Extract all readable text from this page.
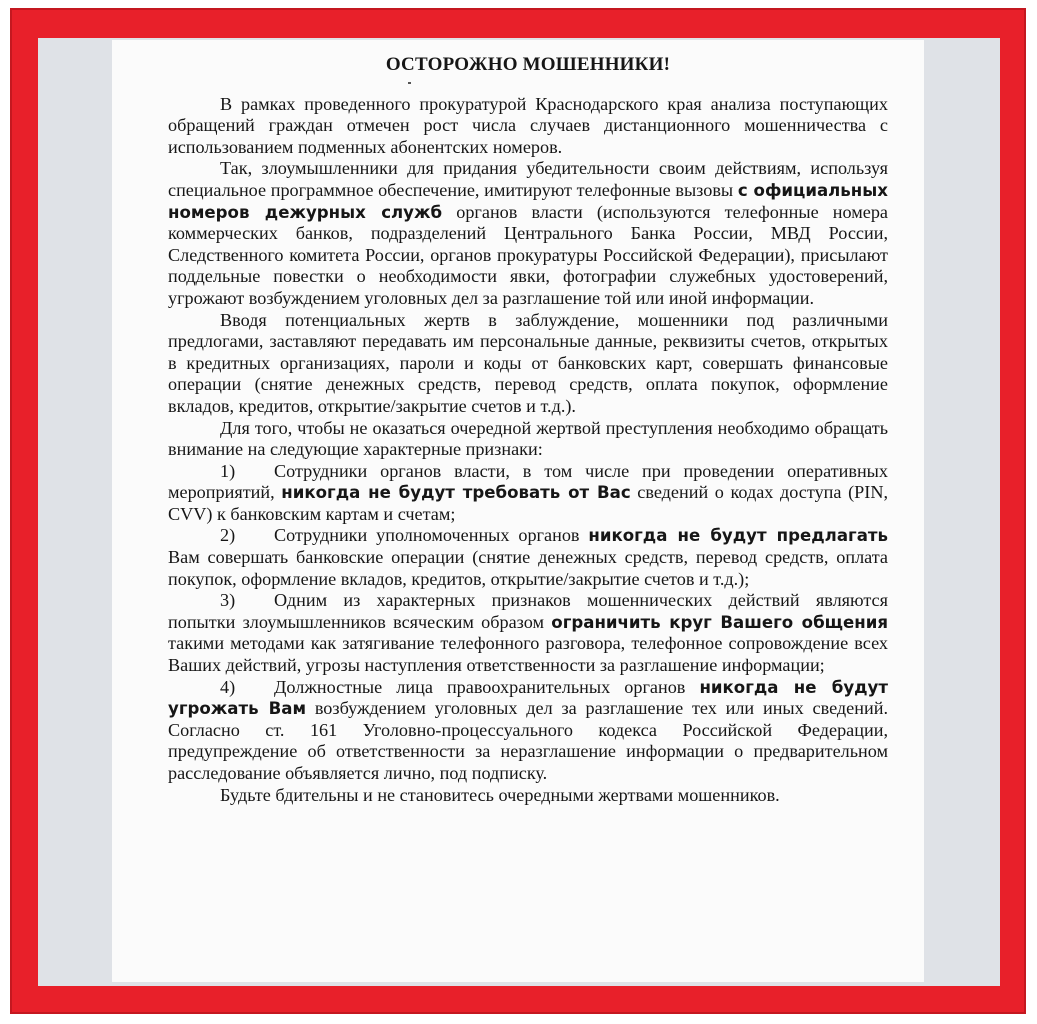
ОСТОРОЖНО МОШЕННИКИ!

В рамках проведенного прокуратурой Краснодарского края анализа поступающих обращений граждан отмечен рост числа случаев дистанционного мошенничества с использованием подменных абонентских номеров.

Так, злоумышленники для придания убедительности своим действиям, используя специальное программное обеспечение, имитируют телефонные вызовы с официальных номеров дежурных служб органов власти (используются телефонные номера коммерческих банков, подразделений Центрального Банка России, МВД России, Следственного комитета России, органов прокуратуры Российской Федерации), присылают поддельные повестки о необходимости явки, фотографии служебных удостоверений, угрожают возбуждением уголовных дел за разглашение той или иной информации.

Вводя потенциальных жертв в заблуждение, мошенники под различными предлогами, заставляют передавать им персональные данные, реквизиты счетов, открытых в кредитных организациях, пароли и коды от банковских карт, совершать финансовые операции (снятие денежных средств, перевод средств, оплата покупок, оформление вкладов, кредитов, открытие/закрытие счетов и т.д.).

Для того, чтобы не оказаться очередной жертвой преступления необходимо обращать внимание на следующие характерные признаки:

1) Сотрудники органов власти, в том числе при проведении оперативных мероприятий, никогда не будут требовать от Вас сведений о кодах доступа (PIN, CVV) к банковским картам и счетам;

2) Сотрудники уполномоченных органов никогда не будут предлагать Вам совершать банковские операции (снятие денежных средств, перевод средств, оплата покупок, оформление вкладов, кредитов, открытие/закрытие счетов и т.д.);

3) Одним из характерных признаков мошеннических действий являются попытки злоумышленников всяческим образом ограничить круг Вашего общения такими методами как затягивание телефонного разговора, телефонное сопровождение всех Ваших действий, угрозы наступления ответственности за разглашение информации;

4) Должностные лица правоохранительных органов никогда не будут угрожать Вам возбуждением уголовных дел за разглашение тех или иных сведений. Согласно ст. 161 Уголовно-процессуального кодекса Российской Федерации, предупреждение об ответственности за неразглашение информации о предварительном расследование объявляется лично, под подписку.

Будьте бдительны и не становитесь очередными жертвами мошенников.
